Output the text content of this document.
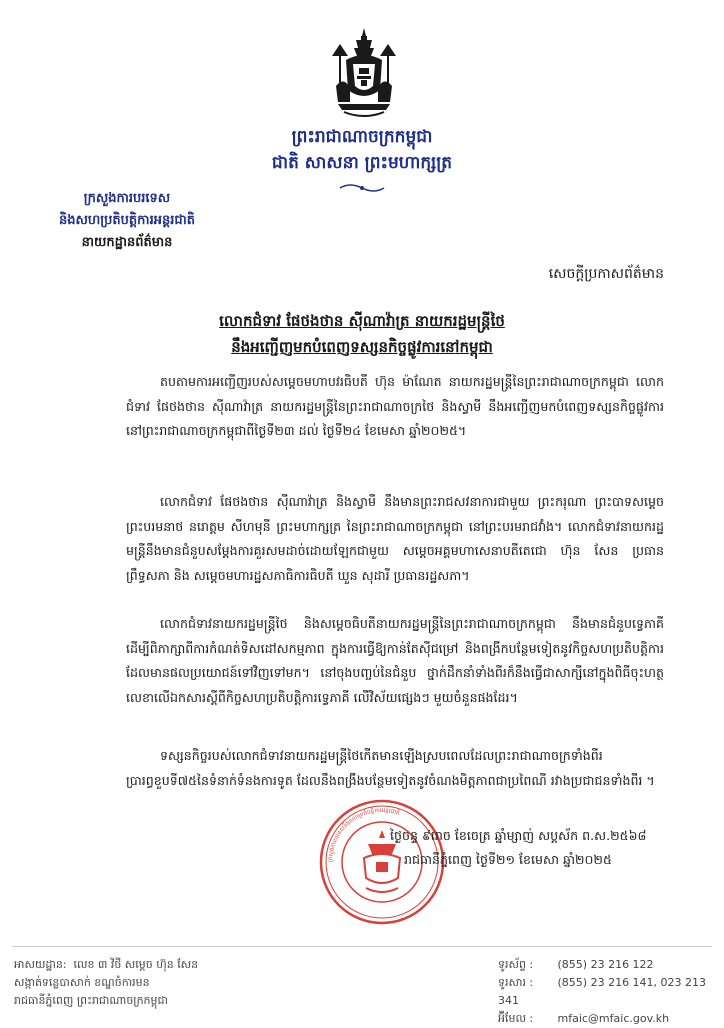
ព្រះរាជាណាចក្រកម្ពុជា
ជាតិ សាសនា ព្រះមហាក្សត្រ
ក្រសួងការបរទេស
និងសហប្រតិបត្តិការអន្តរជាតិ
នាយកដ្ឋានព័ត៌មាន
សេចក្តីប្រកាសព័ត៌មាន
លោកជំទាវ ផែថងថាន ស៊ីណាវ៉ាត្រ នាយករដ្ឋមន្ត្រីថៃ
នឹងអញ្ជើញមកបំពេញទស្សនកិច្ចផ្លូវការនៅកម្ពុជា
តបតាមការអញ្ជើញរបស់សម្តេចមហាបវរធិបតី ហ៊ុន ម៉ាណែត នាយករដ្ឋមន្ត្រីនៃព្រះរាជាណាចក្រកម្ពុជា លោកជំទាវ ផែថងថាន ស៊ីណាវ៉ាត្រ នាយករដ្ឋមន្ត្រីនៃព្រះរាជាណាចក្រថៃ និងស្វាមី នឹងអញ្ជើញមកបំពេញទស្សនកិច្ចផ្លូវការនៅព្រះរាជាណាចក្រកម្ពុជាពីថ្ងៃទី២៣ ដល់ ថ្ងៃទី២៤ ខែមេសា ឆ្នាំ២០២៥។
លោកជំទាវ ផែថងថាន ស៊ីណាវ៉ាត្រ និងស្វាមី នឹងមានព្រះរាជសវនាការជាមួយ ព្រះករុណា ព្រះបាទសម្តេច ព្រះបរមនាថ នរោត្តម សីហមុនី ព្រះមហាក្សត្រ នៃព្រះរាជាណាចក្រកម្ពុជា នៅព្រះបរមរាជវាំង។ លោកជំទាវនាយករដ្ឋមន្ត្រីនឹងមានជំនួបសម្តែងការគួរសមដាច់ដោយឡែកជាមួយ សម្តេចអគ្គមហាសេនាបតីតេជោ ហ៊ុន សែន ប្រធានព្រឹទ្ធសភា និង សម្តេចមហារដ្ឋសភាធិការធិបតី ឃួន សុដារី ប្រធានរដ្ឋសភា។
លោកជំទាវនាយករដ្ឋមន្ត្រីថៃ និងសម្តេចធិបតីនាយករដ្ឋមន្ត្រីនៃព្រះរាជាណាចក្រកម្ពុជា នឹងមានជំនួបទ្វេភាគី ដើម្បីពិភាក្សាពីការកំណត់ទិសដៅសកម្មភាព ក្នុងការធ្វើឱ្យកាន់តែស៊ីជម្រៅ និងពង្រីកបន្ថែមទៀតនូវកិច្ចសហប្រតិបត្តិការដែលមានផលប្រយោជន៍ទៅវិញទៅមក។ នៅចុងបញ្ចប់នៃជំនួប ថ្នាក់ដឹកនាំទាំងពីរក៏នឹងធ្វើជាសាក្សីនៅក្នុងពិធីចុះហត្ថលេខាលើឯកសារស្តីពីកិច្ចសហប្រតិបត្តិការទ្វេភាគី លើវិស័យផ្សេងៗ មួយចំនួនផងដែរ។
ទស្សនកិច្ចរបស់លោកជំទាវនាយករដ្ឋមន្ត្រីថៃកើតមានឡើងស្របពេលដែលព្រះរាជាណាចក្រទាំងពីរប្រារព្ធខួបទី៧៥នៃទំនាក់ទំនងការទូត ដែលនឹងពង្រឹងបន្ថែមទៀតនូវចំណងមិត្តភាពជាប្រពៃណី រវាងប្រជាជនទាំងពីរ ។
ក្រសួងការបរទេសនិងសហប្រតិបត្តិការអន្តរជាតិ
ថ្ងៃចន្ទ ៩រោច ខែចេត្រ ឆ្នាំម្សាញ់ សប្តស័ក ព.ស.២៥៦៨
រាជធានីភ្នំពេញ ថ្ងៃទី២១ ខែមេសា ឆ្នាំ២០២៥
អាសយដ្ឋាន: លេខ ៣ វិថី សម្តេច ហ៊ុន សែន
សង្កាត់ទន្លេបាសាក់ ខណ្ឌចំការមន
រាជធានីភ្នំពេញ ព្រះរាជាណាចក្រកម្ពុជា
ទូរស័ព្ទ : (855) 23 216 122
ទូរសារ : (855) 23 216 141, 023 213 341
អ៊ីមែល : mfaic@mfaic.gov.kh
